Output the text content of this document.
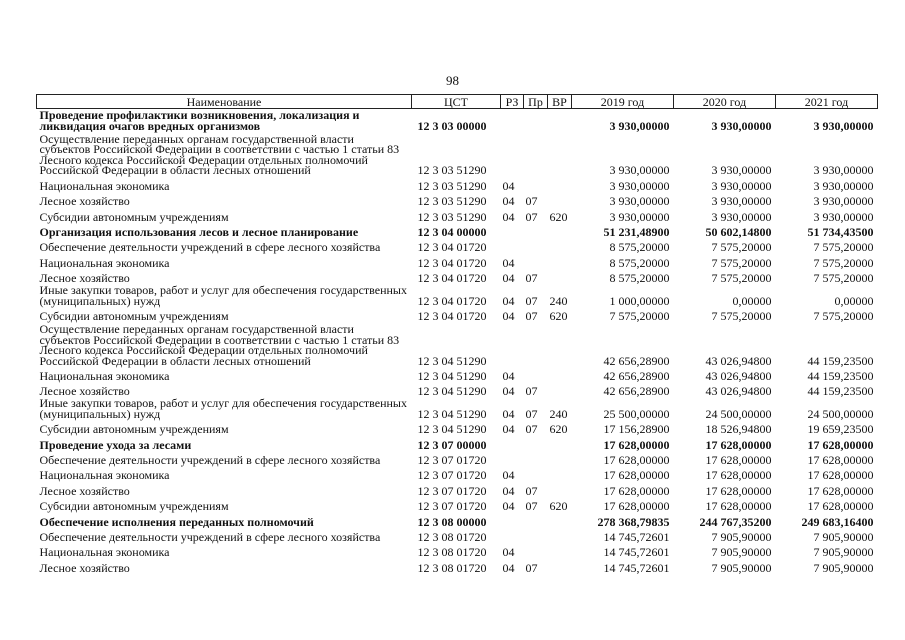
98
Наименование	ЦСТ	РЗ	Пр	ВР	2019 год	2020 год	2021 год
Проведение профилактики возникновения, локализация и ликвидация очагов вредных организмов	12 3 03 00000				3 930,00000	3 930,00000	3 930,00000
Осуществление переданных органам государственной власти субъектов Российской Федерации в соответствии с частью 1 статьи 83 Лесного кодекса Российской Федерации отдельных полномочий Российской Федерации в области лесных отношений	12 3 03 51290				3 930,00000	3 930,00000	3 930,00000
Национальная экономика	12 3 03 51290	04			3 930,00000	3 930,00000	3 930,00000
Лесное хозяйство	12 3 03 51290	04	07		3 930,00000	3 930,00000	3 930,00000
Субсидии автономным учреждениям	12 3 03 51290	04	07	620	3 930,00000	3 930,00000	3 930,00000
Организация использования лесов и лесное планирование	12 3 04 00000				51 231,48900	50 602,14800	51 734,43500
Обеспечение деятельности учреждений в сфере лесного хозяйства	12 3 04 01720				8 575,20000	7 575,20000	7 575,20000
Национальная экономика	12 3 04 01720	04			8 575,20000	7 575,20000	7 575,20000
Лесное хозяйство	12 3 04 01720	04	07		8 575,20000	7 575,20000	7 575,20000
Иные закупки товаров, работ и услуг для обеспечения государственных (муниципальных) нужд	12 3 04 01720	04	07	240	1 000,00000	0,00000	0,00000
Субсидии автономным учреждениям	12 3 04 01720	04	07	620	7 575,20000	7 575,20000	7 575,20000
Осуществление переданных органам государственной власти субъектов Российской Федерации в соответствии с частью 1 статьи 83 Лесного кодекса Российской Федерации отдельных полномочий Российской Федерации в области лесных отношений	12 3 04 51290				42 656,28900	43 026,94800	44 159,23500
Национальная экономика	12 3 04 51290	04			42 656,28900	43 026,94800	44 159,23500
Лесное хозяйство	12 3 04 51290	04	07		42 656,28900	43 026,94800	44 159,23500
Иные закупки товаров, работ и услуг для обеспечения государственных (муниципальных) нужд	12 3 04 51290	04	07	240	25 500,00000	24 500,00000	24 500,00000
Субсидии автономным учреждениям	12 3 04 51290	04	07	620	17 156,28900	18 526,94800	19 659,23500
Проведение ухода за лесами	12 3 07 00000				17 628,00000	17 628,00000	17 628,00000
Обеспечение деятельности учреждений в сфере лесного хозяйства	12 3 07 01720				17 628,00000	17 628,00000	17 628,00000
Национальная экономика	12 3 07 01720	04			17 628,00000	17 628,00000	17 628,00000
Лесное хозяйство	12 3 07 01720	04	07		17 628,00000	17 628,00000	17 628,00000
Субсидии автономным учреждениям	12 3 07 01720	04	07	620	17 628,00000	17 628,00000	17 628,00000
Обеспечение исполнения переданных полномочий	12 3 08 00000				278 368,79835	244 767,35200	249 683,16400
Обеспечение деятельности учреждений в сфере лесного хозяйства	12 3 08 01720				14 745,72601	7 905,90000	7 905,90000
Национальная экономика	12 3 08 01720	04			14 745,72601	7 905,90000	7 905,90000
Лесное хозяйство	12 3 08 01720	04	07		14 745,72601	7 905,90000	7 905,90000
